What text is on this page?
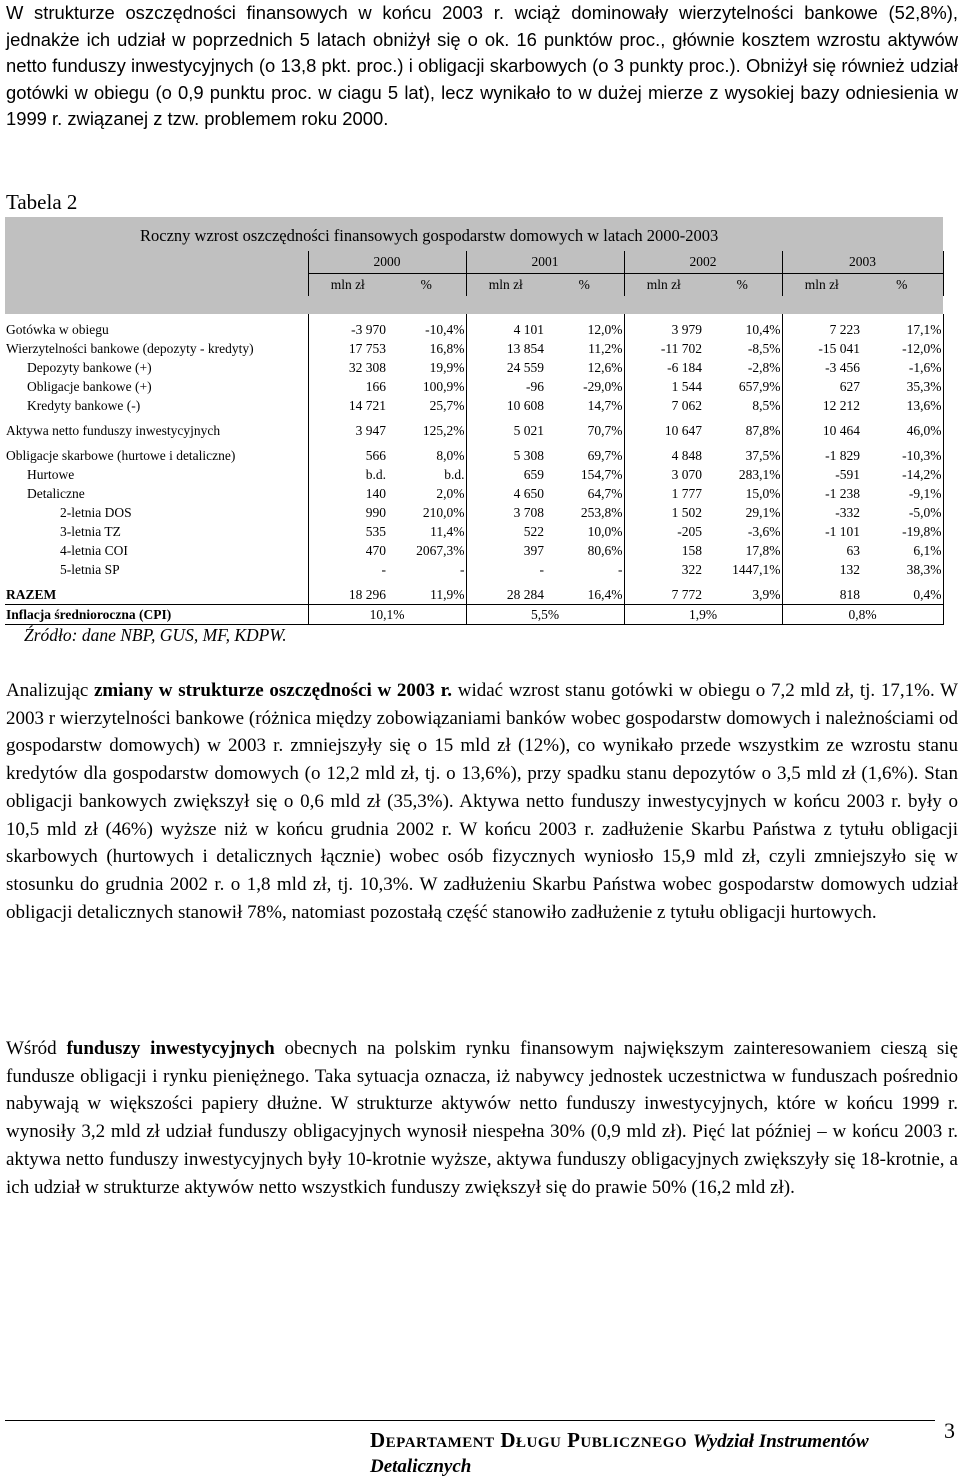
W strukturze oszczędności finansowych w końcu 2003 r. wciąż dominowały wierzytelności bankowe (52,8%), jednakże ich udział w poprzednich 5 latach obniżył się o ok. 16 punktów proc., głównie kosztem wzrostu aktywów netto funduszy inwestycyjnych (o 13,8 pkt. proc.) i obligacji skarbowych (o 3 punkty proc.). Obniżył się również udział gotówki w obiegu (o 0,9 punktu proc. w ciagu 5 lat), lecz wynikało to w dużej mierze z wysokiej bazy odniesienia w 1999 r. związanej z tzw. problemem roku 2000.
Tabela 2
Roczny wzrost oszczędności finansowych gospodarstw domowych w latach 2000-2003
	2000		2001		2002		2003	
	mln zł	%	mln zł	%	mln zł	%	mln zł	%

Gotówka w obiegu	-3 970	-10,4%	4 101	12,0%	3 979	10,4%	7 223	17,1%
Wierzytelności bankowe (depozyty - kredyty)	17 753	16,8%	13 854	11,2%	-11 702	-8,5%	-15 041	-12,0%
Depozyty bankowe (+)	32 308	19,9%	24 559	12,6%	-6 184	-2,8%	-3 456	-1,6%
Obligacje bankowe (+)	166	100,9%	-96	-29,0%	1 544	657,9%	627	35,3%
Kredyty bankowe (-)	14 721	25,7%	10 608	14,7%	7 062	8,5%	12 212	13,6%

Aktywa netto funduszy inwestycyjnych	3 947	125,2%	5 021	70,7%	10 647	87,8%	10 464	46,0%

Obligacje skarbowe (hurtowe i detaliczne)	566	8,0%	5 308	69,7%	4 848	37,5%	-1 829	-10,3%
Hurtowe	b.d.	b.d.	659	154,7%	3 070	283,1%	-591	-14,2%
Detaliczne	140	2,0%	4 650	64,7%	1 777	15,0%	-1 238	-9,1%
2-letnia DOS	990	210,0%	3 708	253,8%	1 502	29,1%	-332	-5,0%
3-letnia TZ	535	11,4%	522	10,0%	-205	-3,6%	-1 101	-19,8%
4-letnia COI	470	2067,3%	397	80,6%	158	17,8%	63	6,1%
5-letnia SP	-	-	-	-	322	1447,1%	132	38,3%

RAZEM	18 296	11,9%	28 284	16,4%	7 772	3,9%	818	0,4%
Inflacja średnioroczna (CPI)	10,1%		5,5%		1,9%		0,8%	
Źródło: dane NBP, GUS, MF, KDPW.
Analizując zmiany w strukturze oszczędności w 2003 r. widać wzrost stanu gotówki w obiegu o 7,2 mld zł, tj. 17,1%. W 2003 r wierzytelności bankowe (różnica między zobowiązaniami banków wobec gospodarstw domowych i należnościami od gospodarstw domowych) w 2003 r. zmniejszyły się o 15 mld zł (12%), co wynikało przede wszystkim ze wzrostu stanu kredytów dla gospodarstw domowych (o 12,2 mld zł, tj. o 13,6%), przy spadku stanu depozytów o 3,5 mld zł (1,6%). Stan obligacji bankowych zwiększył się o 0,6 mld zł (35,3%). Aktywa netto funduszy inwestycyjnych w końcu 2003 r. były o 10,5 mld zł (46%) wyższe niż w końcu grudnia 2002 r. W końcu 2003 r. zadłużenie Skarbu Państwa z tytułu obligacji skarbowych (hurtowych i detalicznych łącznie) wobec osób fizycznych wyniosło 15,9 mld zł, czyli zmniejszyło się w stosunku do grudnia 2002 r. o 1,8 mld zł, tj. 10,3%. W zadłużeniu Skarbu Państwa wobec gospodarstw domowych udział obligacji detalicznych stanowił 78%, natomiast pozostałą część stanowiło zadłużenie z tytułu obligacji hurtowych.
Wśród funduszy inwestycyjnych obecnych na polskim rynku finansowym największym zainteresowaniem cieszą się fundusze obligacji i rynku pieniężnego. Taka sytuacja oznacza, iż nabywcy jednostek uczestnictwa w funduszach pośrednio nabywają w większości papiery dłużne. W strukturze aktywów netto funduszy inwestycyjnych, które w końcu 1999 r. wynosiły 3,2 mld zł udział funduszy obligacyjnych wynosił niespełna 30% (0,9 mld zł). Pięć lat później – w końcu 2003 r. aktywa netto funduszy inwestycyjnych były 10-krotnie wyższe, aktywa funduszy obligacyjnych zwiększyły się 18-krotnie, a ich udział w strukturze aktywów netto wszystkich funduszy zwiększył się do prawie 50% (16,2 mld zł).
Departament Długu Publicznego Wydział Instrumentów Detalicznych
3
